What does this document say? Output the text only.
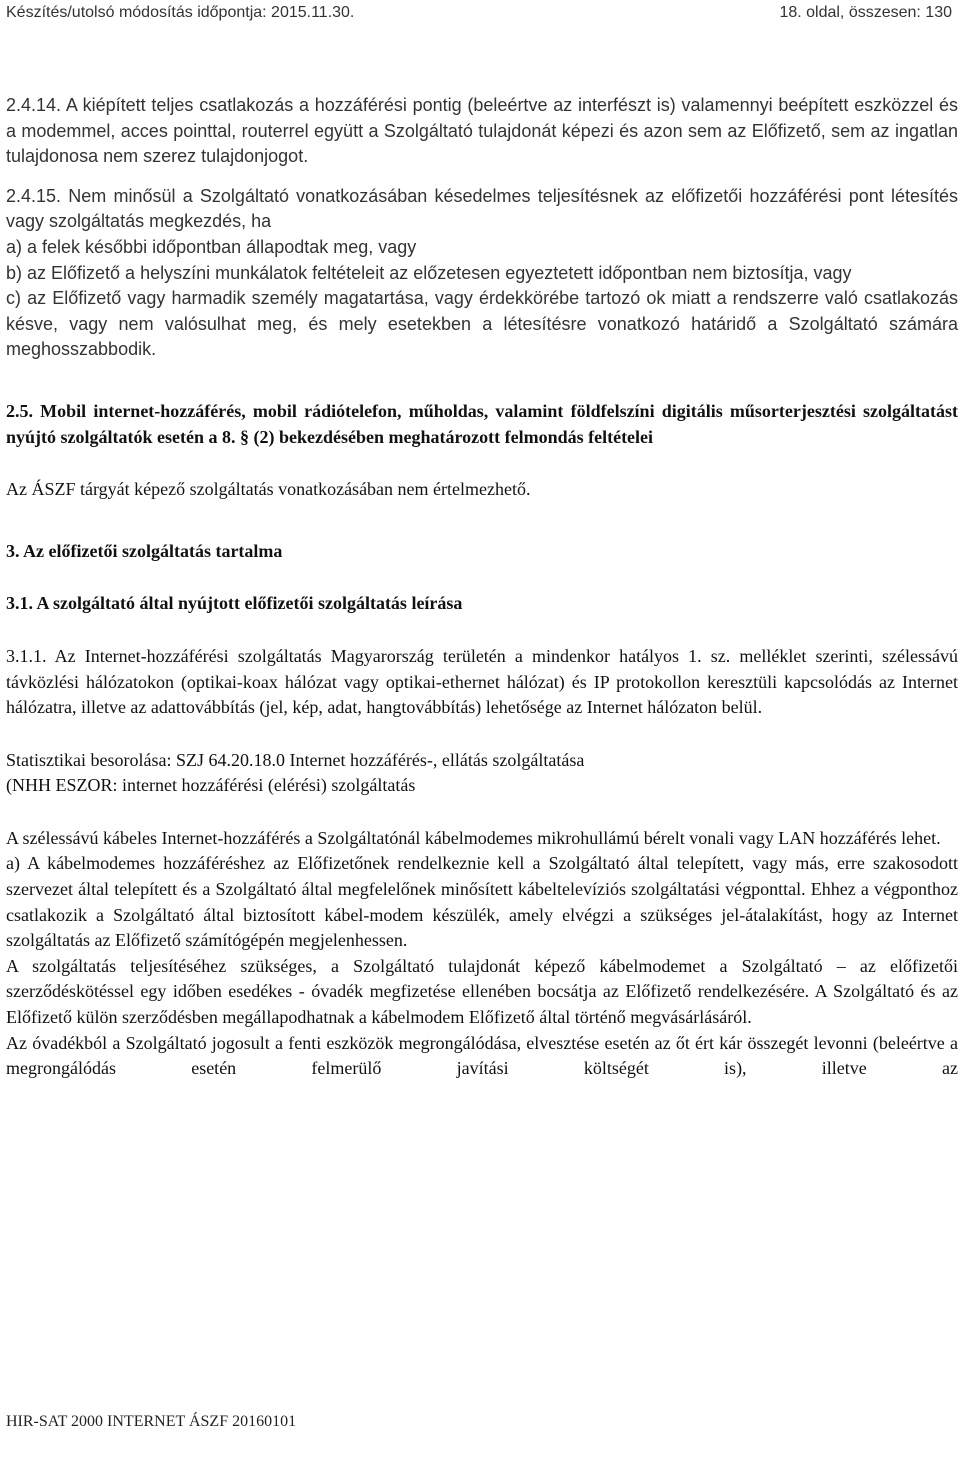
Készítés/utolsó módosítás időpontja: 2015.11.30.	18. oldal, összesen: 130

2.4.14. A kiépített teljes csatlakozás a hozzáférési pontig (beleértve az interfészt is) valamennyi beépített eszközzel és a modemmel, acces pointtal, routerrel együtt a Szolgáltató tulajdonát képezi és azon sem az Előfizető, sem az ingatlan tulajdonosa nem szerez tulajdonjogot.

2.4.15. Nem minősül a Szolgáltató vonatkozásában késedelmes teljesítésnek az előfizetői hozzáférési pont létesítés vagy szolgáltatás megkezdés, ha

a) a felek későbbi időpontban állapodtak meg, vagy

b) az Előfizető a helyszíni munkálatok feltételeit az előzetesen egyeztetett időpontban nem biztosítja, vagy

c) az Előfizető vagy harmadik személy magatartása, vagy érdekkörébe tartozó ok miatt a rendszerre való csatlakozás késve, vagy nem valósulhat meg, és mely esetekben a létesítésre vonatkozó határidő a Szolgáltató számára meghosszabbodik.

2.5. Mobil internet-hozzáférés, mobil rádiótelefon, műholdas, valamint földfelszíni digitális műsorterjesztési szolgáltatást nyújtó szolgáltatók esetén a 8. § (2) bekezdésében meghatározott felmondás feltételei

Az ÁSZF tárgyát képező szolgáltatás vonatkozásában nem értelmezhető.

3. Az előfizetői szolgáltatás tartalma

3.1. A szolgáltató által nyújtott előfizetői szolgáltatás leírása

3.1.1. Az Internet-hozzáférési szolgáltatás Magyarország területén a mindenkor hatályos 1. sz. melléklet szerinti, szélessávú távközlési hálózatokon (optikai-koax hálózat vagy optikai-ethernet hálózat) és IP protokollon keresztüli kapcsolódás az Internet hálózatra, illetve az adattovábbítás (jel, kép, adat, hangtovábbítás) lehetősége az Internet hálózaton belül.

Statisztikai besorolása: SZJ 64.20.18.0 Internet hozzáférés-, ellátás szolgáltatása

(NHH ESZOR: internet hozzáférési (elérési) szolgáltatás

A szélessávú kábeles Internet-hozzáférés a Szolgáltatónál kábelmodemes mikrohullámú bérelt vonali vagy LAN hozzáférés lehet.

a) A kábelmodemes hozzáféréshez az Előfizetőnek rendelkeznie kell a Szolgáltató által telepített, vagy más, erre szakosodott szervezet által telepített és a Szolgáltató által megfelelőnek minősített kábeltelevíziós szolgáltatási végponttal. Ehhez a végponthoz csatlakozik a Szolgáltató által biztosított kábel-modem készülék, amely elvégzi a szükséges jel-átalakítást, hogy az Internet szolgáltatás az Előfizető számítógépén megjelenhessen.

A szolgáltatás teljesítéséhez szükséges, a Szolgáltató tulajdonát képező kábelmodemet a Szolgáltató – az előfizetői szerződéskötéssel egy időben esedékes - óvadék megfizetése ellenében bocsátja az Előfizető rendelkezésére. A Szolgáltató és az Előfizető külön szerződésben megállapodhatnak a kábelmodem Előfizető által történő megvásárlásáról.

Az óvadékból a Szolgáltató jogosult a fenti eszközök megrongálódása, elvesztése esetén az őt ért kár összegét levonni (beleértve a megrongálódás esetén felmerülő javítási költségét is), illetve az

HIR-SAT 2000 INTERNET ÁSZF 20160101
